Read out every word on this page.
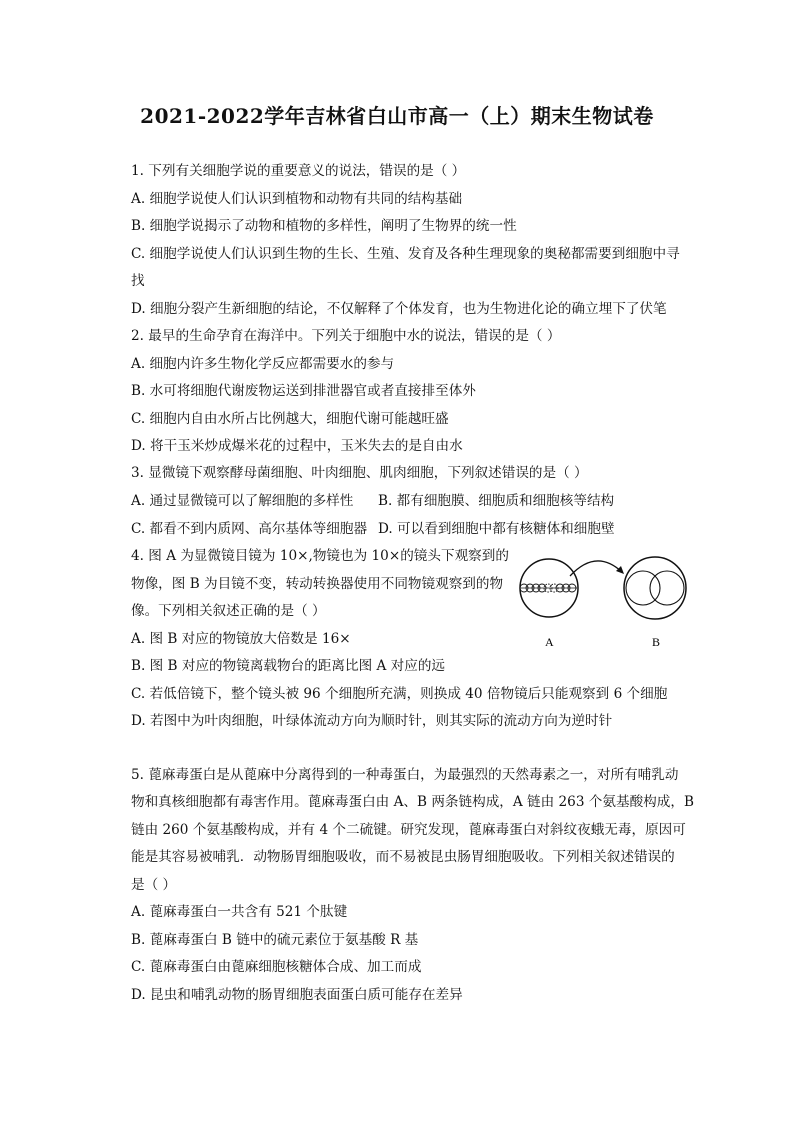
2021-2022学年吉林省白山市高一（上）期末生物试卷
1. 下列有关细胞学说的重要意义的说法，错误的是（ ）
A. 细胞学说使人们认识到植物和动物有共同的结构基础
B. 细胞学说揭示了动物和植物的多样性，阐明了生物界的统一性
C. 细胞学说使人们认识到生物的生长、生殖、发育及各种生理现象的奥秘都需要到细胞中寻
找
D. 细胞分裂产生新细胞的结论，不仅解释了个体发育，也为生物进化论的确立埋下了伏笔
2. 最早的生命孕育在海洋中。下列关于细胞中水的说法，错误的是（ ）
A. 细胞内许多生物化学反应都需要水的参与
B. 水可将细胞代谢废物运送到排泄器官或者直接排至体外
C. 细胞内自由水所占比例越大，细胞代谢可能越旺盛
D. 将干玉米炒成爆米花的过程中，玉米失去的是自由水
3. 显微镜下观察酵母菌细胞、叶肉细胞、肌肉细胞，下列叙述错误的是（ ）
A. 通过显微镜可以了解细胞的多样性 B. 都有细胞膜、细胞质和细胞核等结构
C. 都看不到内质网、高尔基体等细胞器 D. 可以看到细胞中都有核糖体和细胞壁
4. 图 A 为显微镜目镜为 10×,物镜也为 10×的镜头下观察到的
物像，图 B 为目镜不变，转动转换器使用不同物镜观察到的物
像。下列相关叙述正确的是（ ）
A. 图 B 对应的物镜放大倍数是 16×
B. 图 B 对应的物镜离载物台的距离比图 A 对应的远
C. 若低倍镜下，整个镜头被 96 个细胞所充满，则换成 40 倍物镜后只能观察到 6 个细胞
D. 若图中为叶肉细胞，叶绿体流动方向为顺时针，则其实际的流动方向为逆时针
A	B
5. 蓖麻毒蛋白是从蓖麻中分离得到的一种毒蛋白，为最强烈的天然毒素之一，对所有哺乳动
物和真核细胞都有毒害作用。蓖麻毒蛋白由 A、B 两条链构成，A 链由 263 个氨基酸构成，B
链由 260 个氨基酸构成，并有 4 个二硫键。研究发现，蓖麻毒蛋白对斜纹夜蛾无毒，原因可
能是其容易被哺乳．动物肠胃细胞吸收，而不易被昆虫肠胃细胞吸收。下列相关叙述错误的
是（ ）
A. 蓖麻毒蛋白一共含有 521 个肽键
B. 蓖麻毒蛋白 B 链中的硫元素位于氨基酸 R 基
C. 蓖麻毒蛋白由蓖麻细胞核糖体合成、加工而成
D. 昆虫和哺乳动物的肠胃细胞表面蛋白质可能存在差异
